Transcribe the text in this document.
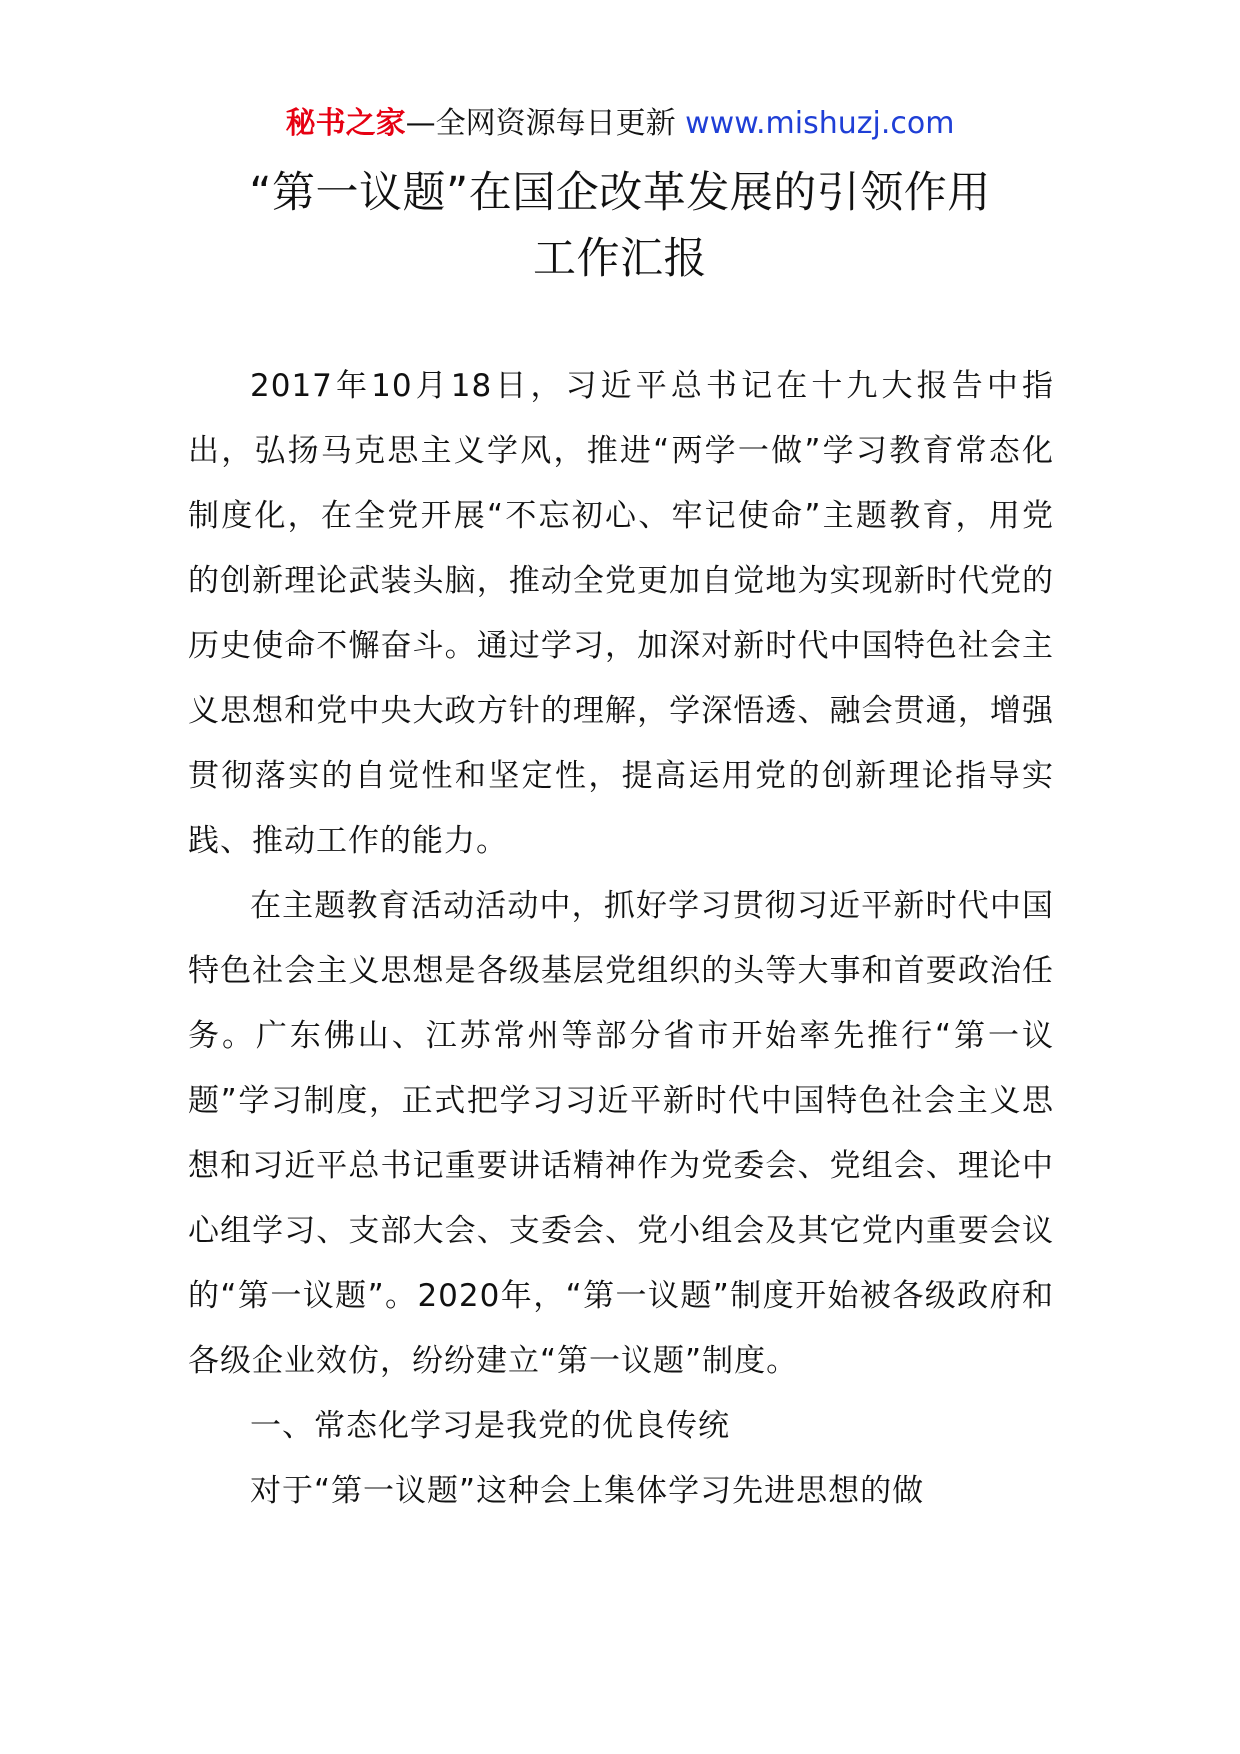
秘书之家—全网资源每日更新 www.mishuzj.com
“第一议题”在国企改革发展的引领作用
工作汇报

2017年10月18日，习近平总书记在十九大报告中指出，弘扬马克思主义学风，推进“两学一做”学习教育常态化制度化，在全党开展“不忘初心、牢记使命”主题教育，用党的创新理论武装头脑，推动全党更加自觉地为实现新时代党的历史使命不懈奋斗。通过学习，加深对新时代中国特色社会主义思想和党中央大政方针的理解，学深悟透、融会贯通，增强贯彻落实的自觉性和坚定性，提高运用党的创新理论指导实践、推动工作的能力。

在主题教育活动活动中，抓好学习贯彻习近平新时代中国特色社会主义思想是各级基层党组织的头等大事和首要政治任务。广东佛山、江苏常州等部分省市开始率先推行“第一议题”学习制度，正式把学习习近平新时代中国特色社会主义思想和习近平总书记重要讲话精神作为党委会、党组会、理论中心组学习、支部大会、支委会、党小组会及其它党内重要会议的“第一议题”。2020年，“第一议题”制度开始被各级政府和各级企业效仿，纷纷建立“第一议题”制度。

一、常态化学习是我党的优良传统

对于“第一议题”这种会上集体学习先进思想的做
